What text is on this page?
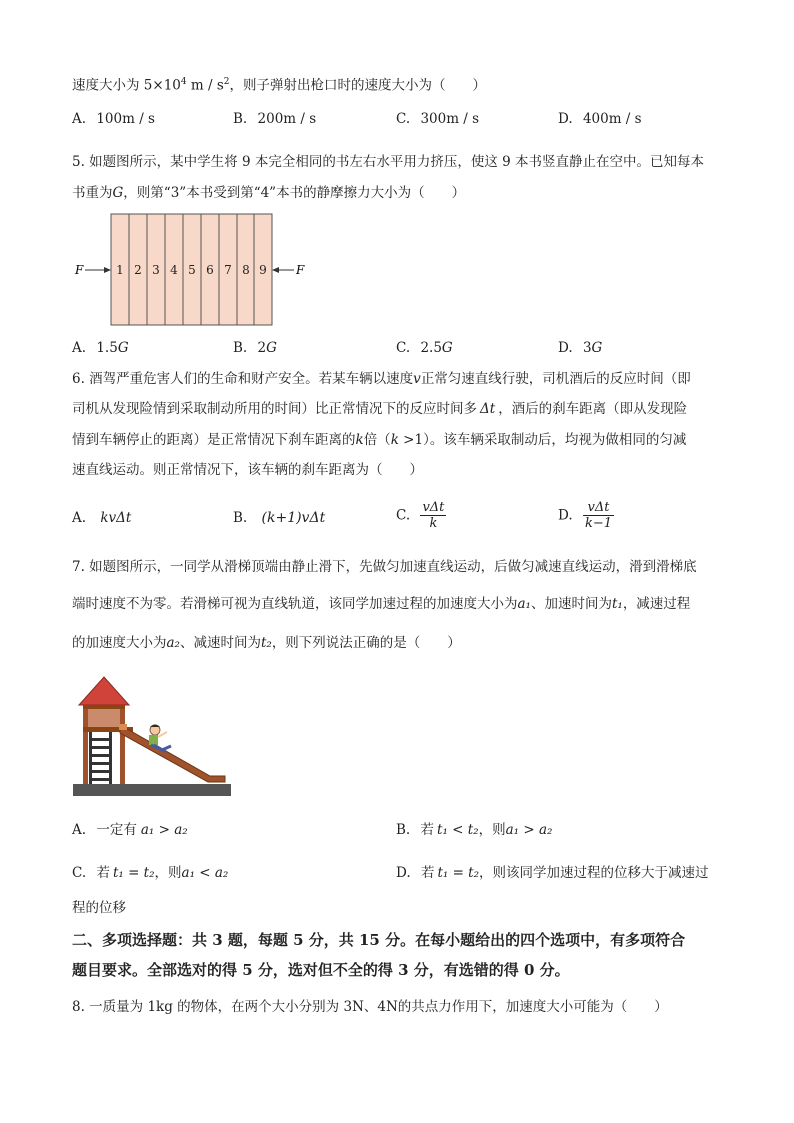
速度大小为 $5\times 10^4$ m / $s^2$，则子弹射出枪口时的速度大小为（　　）
A. 100m / s	B. 200m / s	C. 300m / s	D. 400m / s
5. 如题图所示，某中学生将 9 本完全相同的书左右水平用力挤压，使这 9 本书竖直静止在空中。已知每本
书重为G，则第“3”本书受到第“4”本书的静摩擦力大小为（　　）
1 2 3 4 5 6 7 8 9
F	F
A. 1.5G	B. 2G	C. 2.5G	D. 3G
6. 酒驾严重危害人们的生命和财产安全。若某车辆以速度v正常匀速直线行驶，司机酒后的反应时间（即
司机从发现险情到采取制动所用的时间）比正常情况下的反应时间多 Δt ，酒后的刹车距离（即从发现险
情到车辆停止的距离）是正常情况下刹车距离的k倍（k >1）。该车辆采取制动后，均视为做相同的匀减
速直线运动。则正常情况下，该车辆的刹车距离为（　　）
A. kvΔt	B. (k+1)vΔt	C. $\frac{\text{vΔt}}{k}$	D. $\frac{\text{vΔt}}{k-1}$
7. 如题图所示，一同学从滑梯顶端由静止滑下，先做匀加速直线运动，后做匀减速直线运动，滑到滑梯底
端时速度不为零。若滑梯可视为直线轨道，该同学加速过程的加速度大小为a₁、加速时间为t₁，减速过程
的加速度大小为a₂、减速时间为t₂，则下列说法正确的是（　　）
A. 一定有 a₁ > a₂	B. 若 t₁ < t₂，则a₁ > a₂
C. 若 t₁ = t₂，则a₁ < a₂	D. 若 t₁ = t₂，则该同学加速过程的位移大于减速过
程的位移
二、多项选择题：共 3 题，每题 5 分，共 15 分。在每小题给出的四个选项中，有多项符合
题目要求。全部选对的得 5 分，选对但不全的得 3 分，有选错的得 0 分。
8. 一质量为 1kg 的物体，在两个大小分别为 3N、4N的共点力作用下，加速度大小可能为（　　）
